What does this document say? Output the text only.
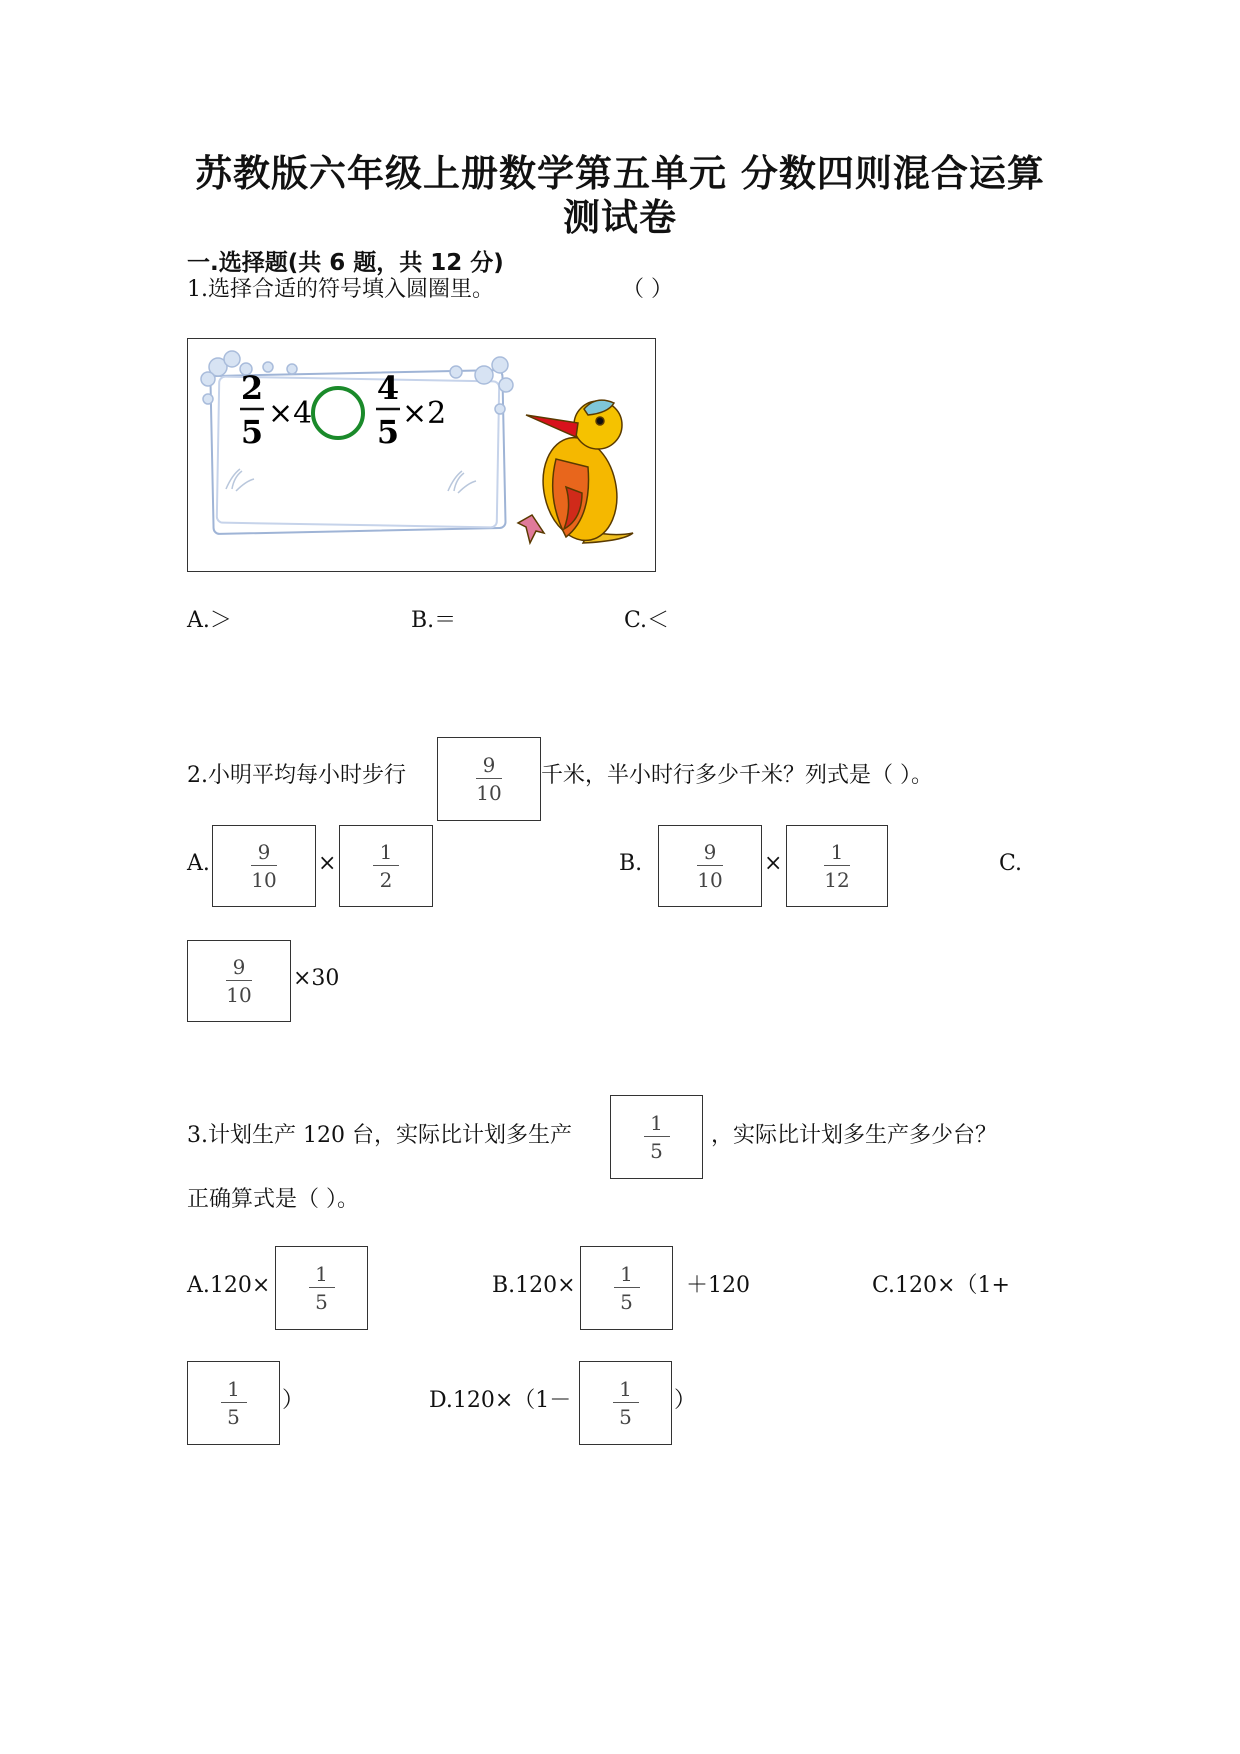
苏教版六年级上册数学第五单元 分数四则混合运算
测试卷
一.选择题(共 6 题，共 12 分)
1.选择合适的符号填入圆圈里。	（ ）
2
5 ×4
4
5 ×2
A.＞	B.＝	C.＜
2.小明平均每小时步行	9
10
千米，半小时行多少千米？列式是（ ）。
A. 9
10
× 1
2
B.	9
10
× 1
12
C.
9
10
×30
3.计划生产 120 台，实际比计划多生产	1
5
，实际比计划多生产多少台？
正确算式是（ ）。
A.120× 1
5
B.120× 1
5
＋120	C.120×（1+
1
5
）	D.120×（1－ 1
5
）
